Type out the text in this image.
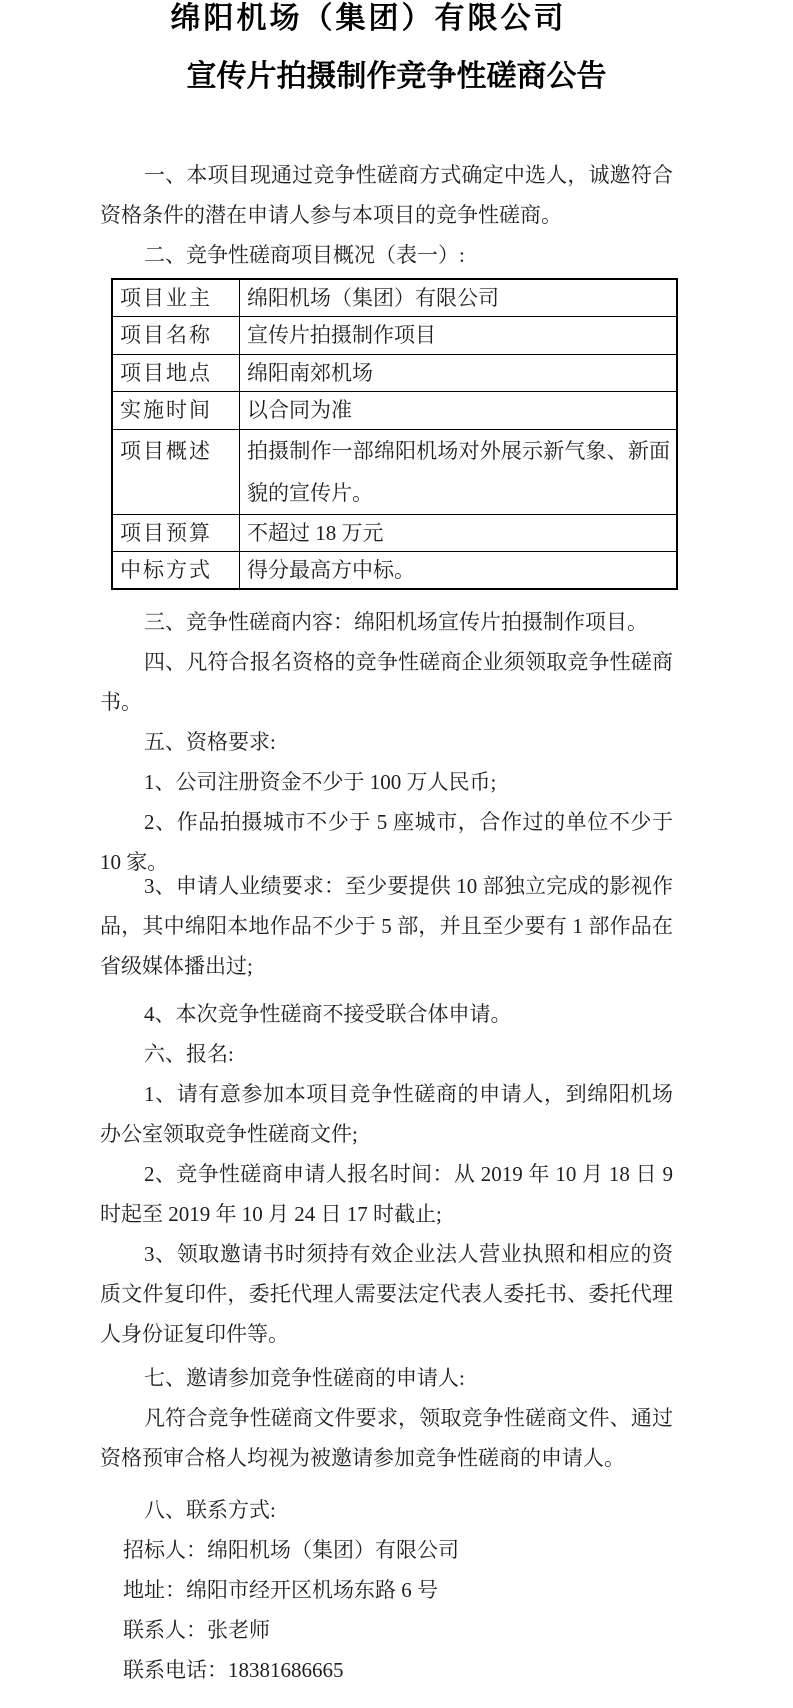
绵阳机场（集团）有限公司
宣传片拍摄制作竞争性磋商公告

一、本项目现通过竞争性磋商方式确定中选人，诚邀符合资格条件的潜在申请人参与本项目的竞争性磋商。

二、竞争性磋商项目概况（表一）:

项目业主	绵阳机场（集团）有限公司
项目名称	宣传片拍摄制作项目
项目地点	绵阳南郊机场
实施时间	以合同为准
项目概述	拍摄制作一部绵阳机场对外展示新气象、新面貌的宣传片。
项目预算	不超过 18 万元
中标方式	得分最高方中标。

三、竞争性磋商内容：绵阳机场宣传片拍摄制作项目。

四、凡符合报名资格的竞争性磋商企业须领取竞争性磋商书。

五、资格要求:

1、公司注册资金不少于 100 万人民币;

2、作品拍摄城市不少于 5 座城市，合作过的单位不少于 10 家。

3、申请人业绩要求：至少要提供 10 部独立完成的影视作品，其中绵阳本地作品不少于 5 部，并且至少要有 1 部作品在省级媒体播出过;

4、本次竞争性磋商不接受联合体申请。

六、报名:

1、请有意参加本项目竞争性磋商的申请人，到绵阳机场办公室领取竞争性磋商文件;

2、竞争性磋商申请人报名时间：从 2019 年 10 月 18 日 9 时起至 2019 年 10 月 24 日 17 时截止;

3、领取邀请书时须持有效企业法人营业执照和相应的资质文件复印件，委托代理人需要法定代表人委托书、委托代理人身份证复印件等。

七、邀请参加竞争性磋商的申请人:

凡符合竞争性磋商文件要求，领取竞争性磋商文件、通过资格预审合格人均视为被邀请参加竞争性磋商的申请人。

八、联系方式:

招标人：绵阳机场（集团）有限公司

地址：绵阳市经开区机场东路 6 号

联系人：张老师

联系电话：18381686665
